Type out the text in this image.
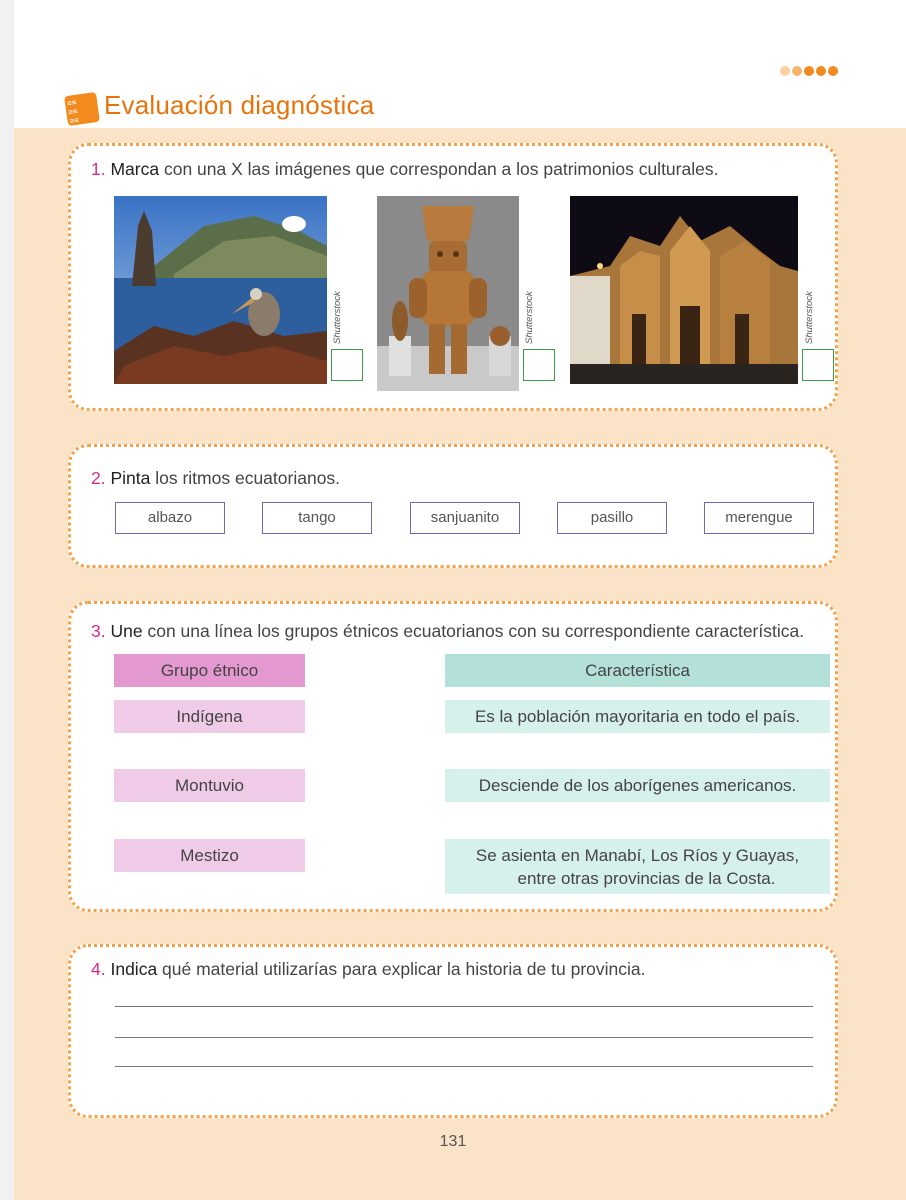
≡≡
≡≡
≡≡
Evaluación diagnóstica
1. Marca con una X las imágenes que correspondan a los patrimonios culturales.
Shutterstock	Shutterstock	Shutterstock
2. Pinta los ritmos ecuatorianos.
albazo	tango	sanjuanito	pasillo	merengue
3. Une con una línea los grupos étnicos ecuatorianos con su correspondiente característica.
Grupo étnico	Característica
Indígena	Es la población mayoritaria en todo el país.
Montuvio	Desciende de los aborígenes americanos.
Mestizo	Se asienta en Manabí, Los Ríos y Guayas,
entre otras provincias de la Costa.
4. Indica qué material utilizarías para explicar la historia de tu provincia.
131
